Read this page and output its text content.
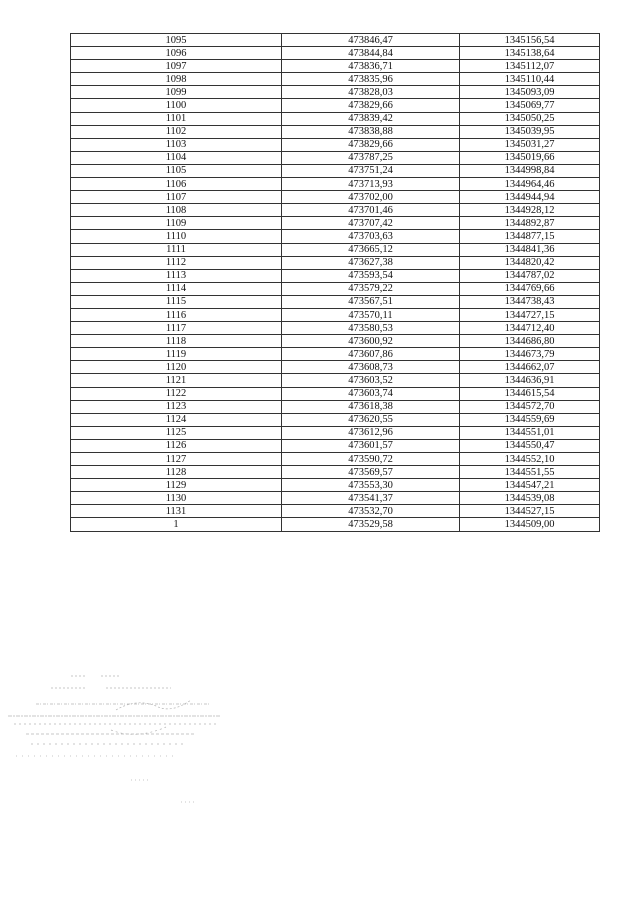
1095	473846,47	1345156,54
1096	473844,84	1345138,64
1097	473836,71	1345112,07
1098	473835,96	1345110,44
1099	473828,03	1345093,09
1100	473829,66	1345069,77
1101	473839,42	1345050,25
1102	473838,88	1345039,95
1103	473829,66	1345031,27
1104	473787,25	1345019,66
1105	473751,24	1344998,84
1106	473713,93	1344964,46
1107	473702,00	1344944,94
1108	473701,46	1344928,12
1109	473707,42	1344892,87
1110	473703,63	1344877,15
1111	473665,12	1344841,36
1112	473627,38	1344820,42
1113	473593,54	1344787,02
1114	473579,22	1344769,66
1115	473567,51	1344738,43
1116	473570,11	1344727,15
1117	473580,53	1344712,40
1118	473600,92	1344686,80
1119	473607,86	1344673,79
1120	473608,73	1344662,07
1121	473603,52	1344636,91
1122	473603,74	1344615,54
1123	473618,38	1344572,70
1124	473620,55	1344559,69
1125	473612,96	1344551,01
1126	473601,57	1344550,47
1127	473590,72	1344552,10
1128	473569,57	1344551,55
1129	473553,30	1344547,21
1130	473541,37	1344539,08
1131	473532,70	1344527,15
1	473529,58	1344509,00
